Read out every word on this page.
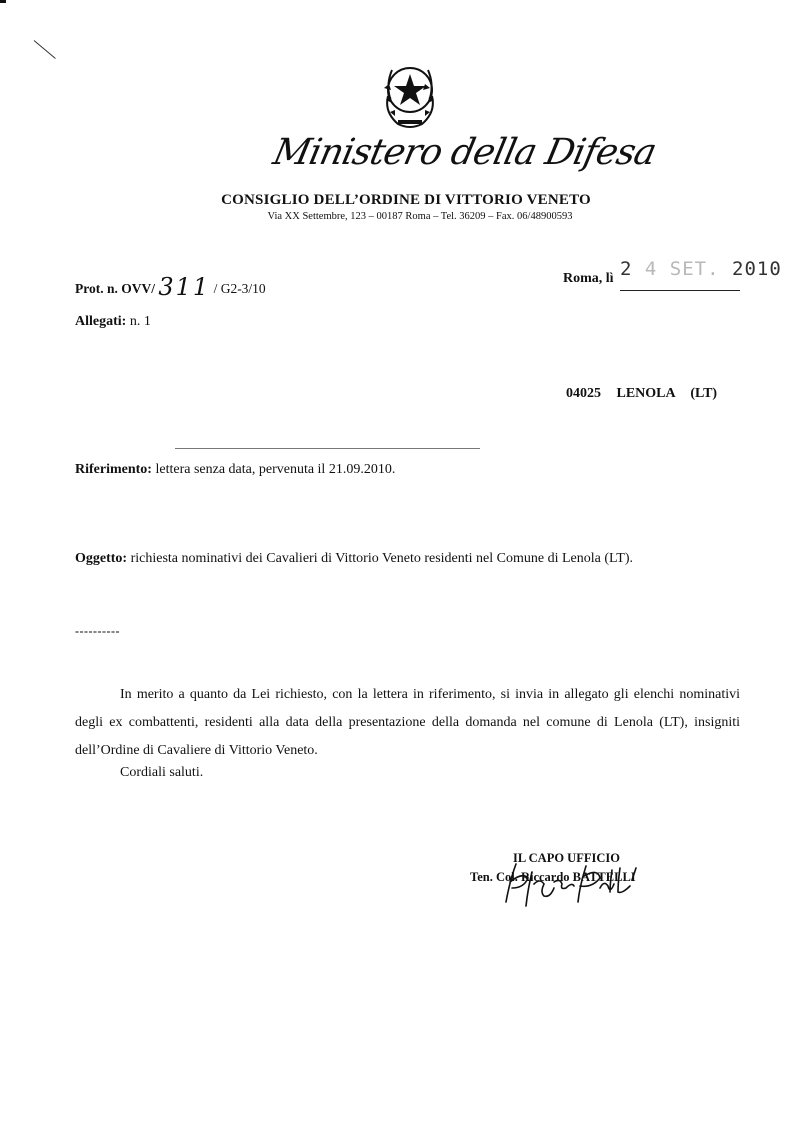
Ministero della Difesa
CONSIGLIO DELL’ORDINE DI VITTORIO VENETO
Via XX Settembre, 123 – 00187 Roma – Tel. 36209 – Fax. 06/48900593
Prot. n. OVV/ 311 / G2-3/10
Roma, lì 2 4 SET. 2010
Allegati: n. 1
04025 LENOLA (LT)
Riferimento: lettera senza data, pervenuta il 21.09.2010.
Oggetto: richiesta nominativi dei Cavalieri di Vittorio Veneto residenti nel Comune di Lenola (LT).
----------

In merito a quanto da Lei richiesto, con la lettera in riferimento, si invia in allegato gli elenchi nominativi degli ex combattenti, residenti alla data della presentazione della domanda nel comune di Lenola (LT), insigniti dell’Ordine di Cavaliere di Vittorio Veneto.

Cordiali saluti.
IL CAPO UFFICIO
Ten. Col. Riccardo BATTELLI
